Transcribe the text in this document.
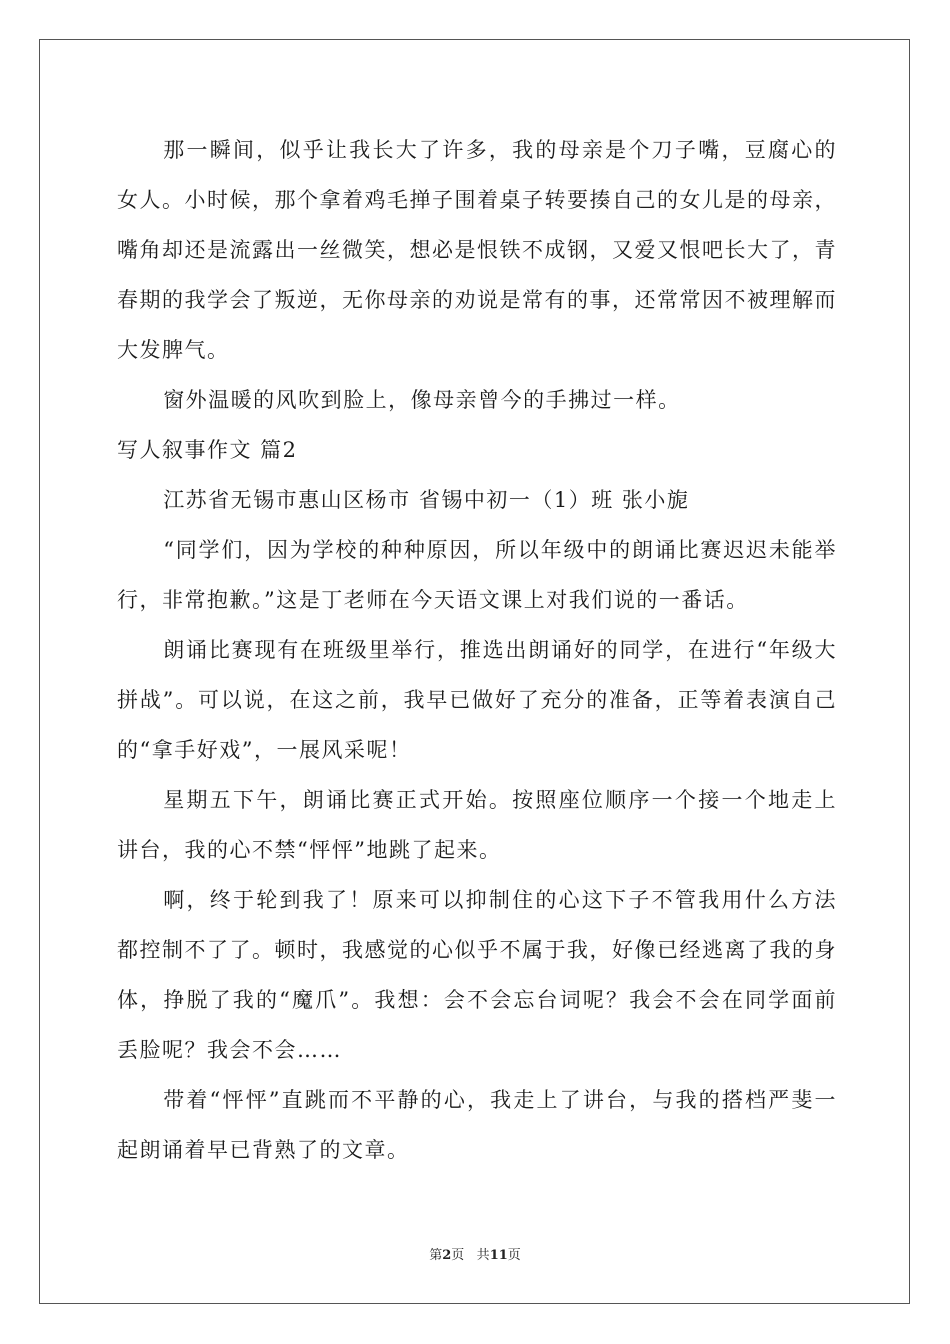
那一瞬间，似乎让我长大了许多，我的母亲是个刀子嘴，豆腐心的女人。小时候，那个拿着鸡毛掸子围着桌子转要揍自己的女儿是的母亲，嘴角却还是流露出一丝微笑，想必是恨铁不成钢，又爱又恨吧长大了，青春期的我学会了叛逆，无你母亲的劝说是常有的事，还常常因不被理解而大发脾气。

窗外温暖的风吹到脸上，像母亲曾今的手拂过一样。

写人叙事作文 篇2

江苏省无锡市惠山区杨市 省锡中初一（1）班 张小旎

“同学们，因为学校的种种原因，所以年级中的朗诵比赛迟迟未能举行，非常抱歉。”这是丁老师在今天语文课上对我们说的一番话。

朗诵比赛现有在班级里举行，推选出朗诵好的同学，在进行“年级大拼战”。可以说，在这之前，我早已做好了充分的准备，正等着表演自己的“拿手好戏”，一展风采呢！

星期五下午，朗诵比赛正式开始。按照座位顺序一个接一个地走上讲台，我的心不禁“怦怦”地跳了起来。

啊，终于轮到我了！原来可以抑制住的心这下子不管我用什么方法都控制不了了。顿时，我感觉的心似乎不属于我，好像已经逃离了我的身体，挣脱了我的“魔爪”。我想：会不会忘台词呢？我会不会在同学面前丢脸呢？我会不会……

带着“怦怦”直跳而不平静的心，我走上了讲台，与我的搭档严斐一起朗诵着早已背熟了的文章。

第2页 共11页
